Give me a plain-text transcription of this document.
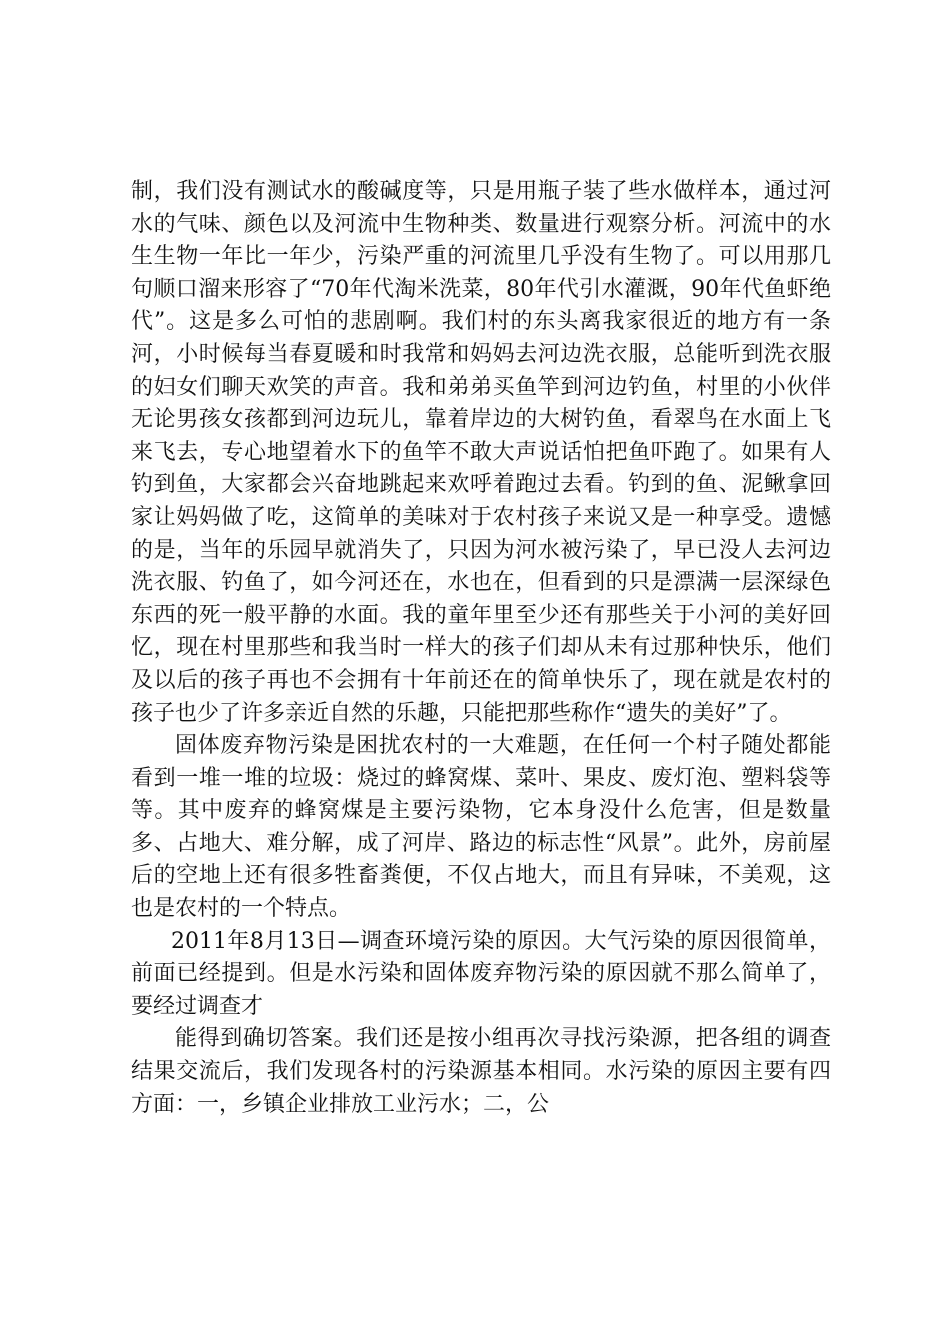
制，我们没有测试水的酸碱度等，只是用瓶子装了些水做样本，通过河水的气味、颜色以及河流中生物种类、数量进行观察分析。河流中的水生生物一年比一年少，污染严重的河流里几乎没有生物了。可以用那几句顺口溜来形容了“70年代淘米洗菜，80年代引水灌溉，90年代鱼虾绝代”。这是多么可怕的悲剧啊。我们村的东头离我家很近的地方有一条河，小时候每当春夏暖和时我常和妈妈去河边洗衣服，总能听到洗衣服的妇女们聊天欢笑的声音。我和弟弟买鱼竿到河边钓鱼，村里的小伙伴无论男孩女孩都到河边玩儿，靠着岸边的大树钓鱼，看翠鸟在水面上飞来飞去，专心地望着水下的鱼竿不敢大声说话怕把鱼吓跑了。如果有人钓到鱼，大家都会兴奋地跳起来欢呼着跑过去看。钓到的鱼、泥鳅拿回家让妈妈做了吃，这简单的美味对于农村孩子来说又是一种享受。遗憾的是，当年的乐园早就消失了，只因为河水被污染了，早已没人去河边洗衣服、钓鱼了，如今河还在，水也在，但看到的只是漂满一层深绿色东西的死一般平静的水面。我的童年里至少还有那些关于小河的美好回忆，现在村里那些和我当时一样大的孩子们却从未有过那种快乐，他们及以后的孩子再也不会拥有十年前还在的简单快乐了，现在就是农村的孩子也少了许多亲近自然的乐趣，只能把那些称作“遗失的美好”了。

固体废弃物污染是困扰农村的一大难题，在任何一个村子随处都能看到一堆一堆的垃圾：烧过的蜂窝煤、菜叶、果皮、废灯泡、塑料袋等等。其中废弃的蜂窝煤是主要污染物，它本身没什么危害，但是数量多、占地大、难分解，成了河岸、路边的标志性“风景”。此外，房前屋后的空地上还有很多牲畜粪便，不仅占地大，而且有异味，不美观，这也是农村的一个特点。

2011年8月13日—调查环境污染的原因。大气污染的原因很简单，前面已经提到。但是水污染和固体废弃物污染的原因就不那么简单了，要经过调查才

能得到确切答案。我们还是按小组再次寻找污染源，把各组的调查结果交流后，我们发现各村的污染源基本相同。水污染的原因主要有四方面：一，乡镇企业排放工业污水；二，公
